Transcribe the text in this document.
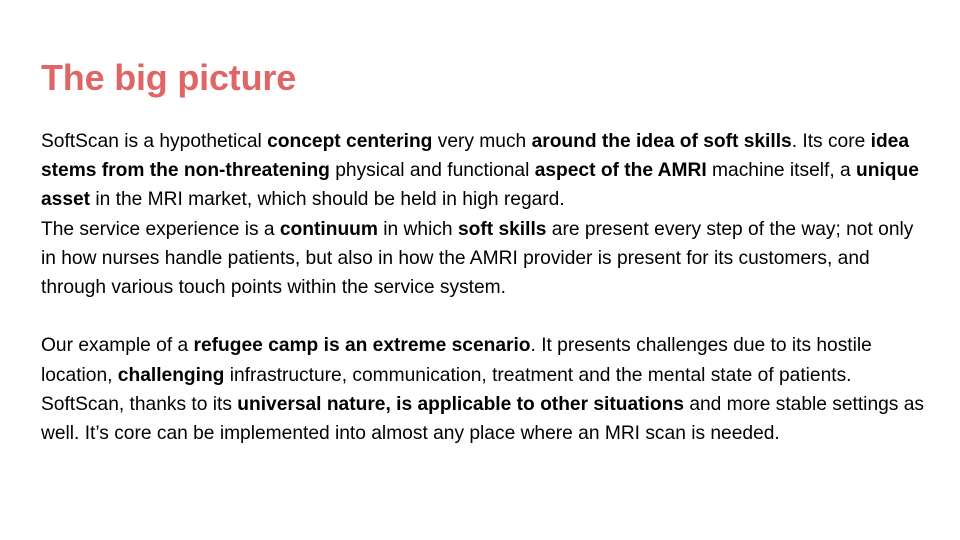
The big picture

SoftScan is a hypothetical concept centering very much around the idea of soft skills. Its core idea stems from the non-threatening physical and functional aspect of the AMRI machine itself, a unique asset in the MRI market, which should be held in high regard.

The service experience is a continuum in which soft skills are present every step of the way; not only in how nurses handle patients, but also in how the AMRI provider is present for its customers, and through various touch points within the service system.

Our example of a refugee camp is an extreme scenario. It presents challenges due to its hostile location, challenging infrastructure, communication, treatment and the mental state of patients. SoftScan, thanks to its universal nature, is applicable to other situations and more stable settings as well. It’s core can be implemented into almost any place where an MRI scan is needed.
